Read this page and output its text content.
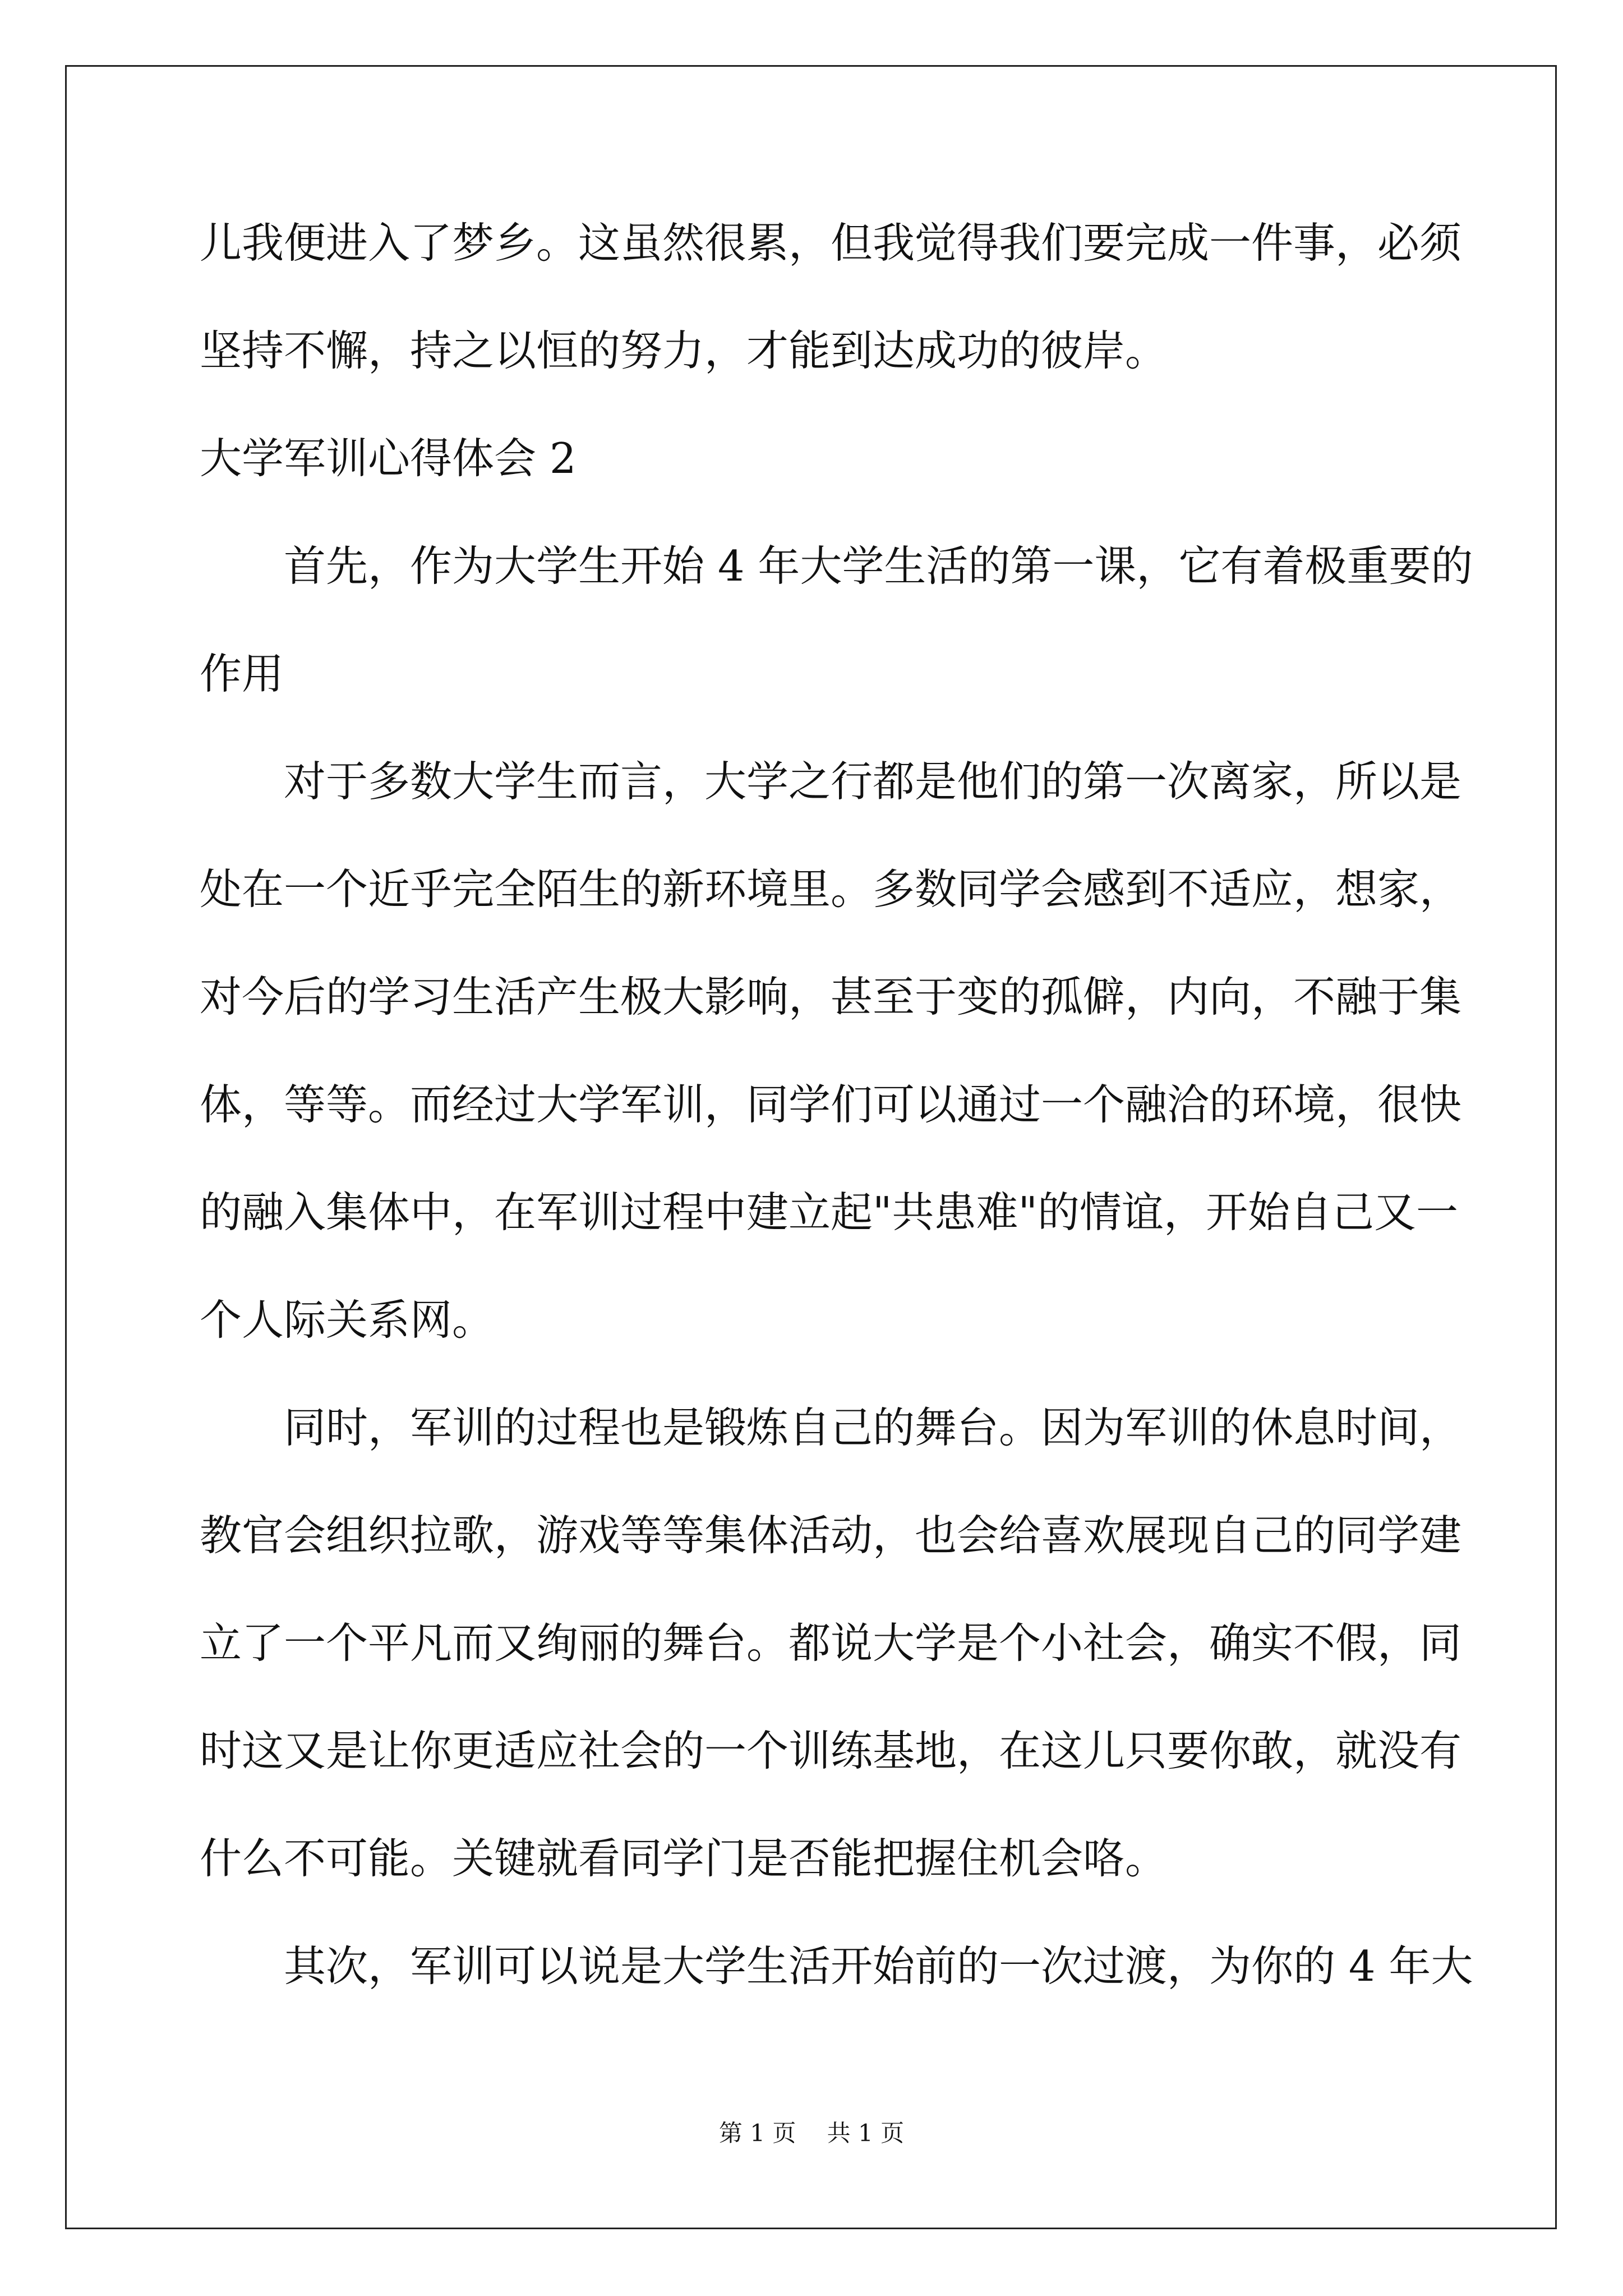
儿我便进入了梦乡。这虽然很累，但我觉得我们要完成一件事，必须
坚持不懈，持之以恒的努力，才能到达成功的彼岸。
大学军训心得体会 2
　　首先，作为大学生开始 4 年大学生活的第一课，它有着极重要的
作用
　　对于多数大学生而言，大学之行都是他们的第一次离家，所以是
处在一个近乎完全陌生的新环境里。多数同学会感到不适应，想家，
对今后的学习生活产生极大影响，甚至于变的孤僻，内向，不融于集
体，等等。而经过大学军训，同学们可以通过一个融洽的环境，很快
的融入集体中，在军训过程中建立起"共患难"的情谊，开始自己又一
个人际关系网。
　　同时，军训的过程也是锻炼自己的舞台。因为军训的休息时间，
教官会组织拉歌，游戏等等集体活动，也会给喜欢展现自己的同学建
立了一个平凡而又绚丽的舞台。都说大学是个小社会，确实不假，同
时这又是让你更适应社会的一个训练基地，在这儿只要你敢，就没有
什么不可能。关键就看同学门是否能把握住机会咯。
　　其次，军训可以说是大学生活开始前的一次过渡，为你的 4 年大
第 1 页　 共 1 页
